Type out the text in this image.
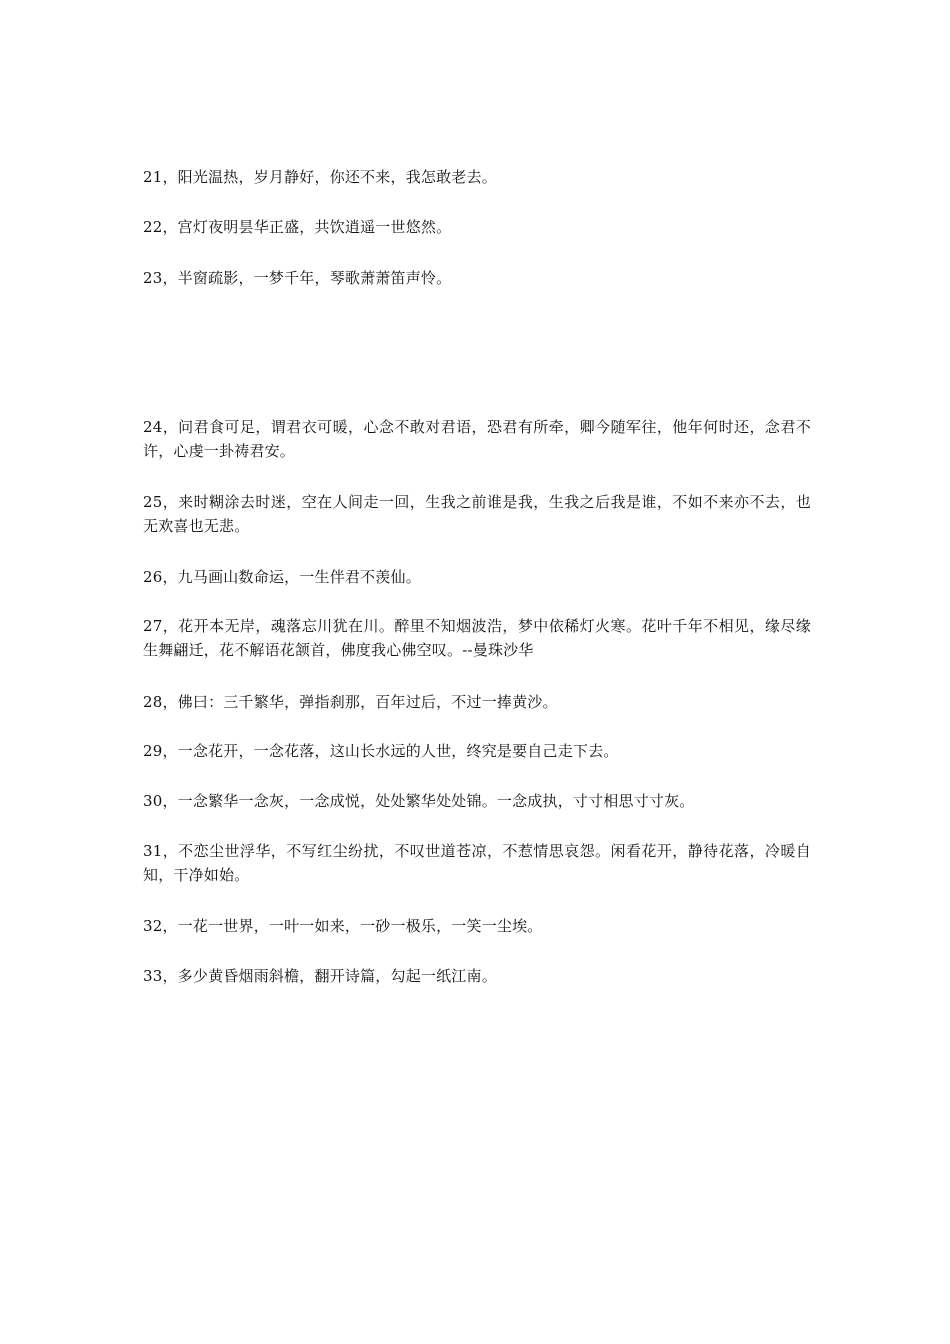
21，阳光温热，岁月静好，你还不来，我怎敢老去。

22，宫灯夜明昙华正盛，共饮逍遥一世悠然。

23，半窗疏影，一梦千年，琴歌萧萧笛声怜。

24，问君食可足，谓君衣可暖，心念不敢对君语，恐君有所牵，卿今随军往，他年何时还，念君不许，心虔一卦祷君安。

25，来时糊涂去时迷，空在人间走一回，生我之前谁是我，生我之后我是谁，不如不来亦不去，也无欢喜也无悲。

26，九马画山数命运，一生伴君不羡仙。

27，花开本无岸，魂落忘川犹在川。醉里不知烟波浩，梦中依稀灯火寒。花叶千年不相见，缘尽缘生舞翩迁，花不解语花颔首，佛度我心佛空叹。--曼珠沙华

28，佛曰：三千繁华，弹指刹那，百年过后，不过一捧黄沙。

29，一念花开，一念花落，这山长水远的人世，终究是要自己走下去。

30，一念繁华一念灰，一念成悦，处处繁华处处锦。一念成执，寸寸相思寸寸灰。

31，不恋尘世浮华，不写红尘纷扰，不叹世道苍凉，不惹情思哀怨。闲看花开，静待花落，冷暖自知，干净如始。

32，一花一世界，一叶一如来，一砂一极乐，一笑一尘埃。

33，多少黄昏烟雨斜檐，翻开诗篇，勾起一纸江南。
